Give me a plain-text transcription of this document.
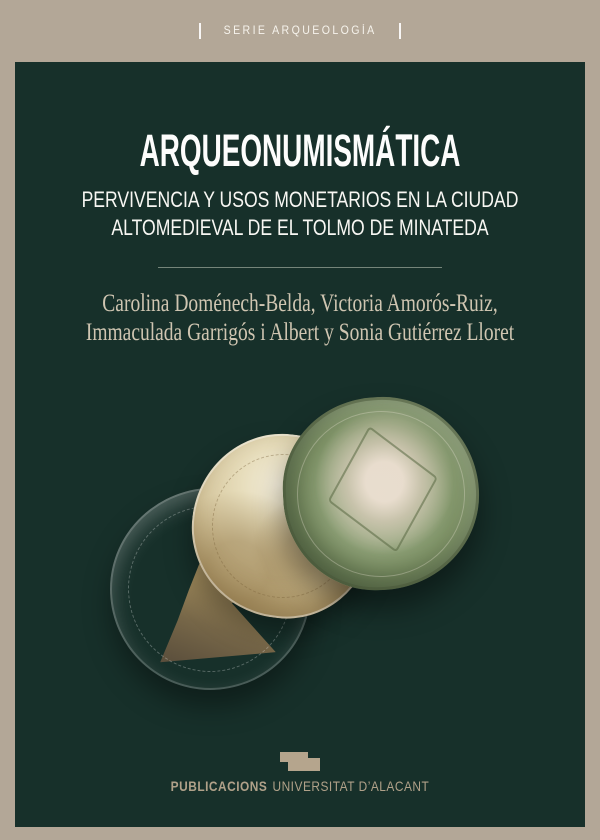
SERIE ARQUEOLOGÍA
ARQUEONUMISMÁTICA
PERVIVENCIA Y USOS MONETARIOS EN LA CIUDAD
ALTOMEDIEVAL DE EL TOLMO DE MINATEDA
Carolina Doménech-Belda, Victoria Amorós-Ruiz,
Immaculada Garrigós i Albert y Sonia Gutiérrez Lloret
PUBLICACIONS UNIVERSITAT D’ALACANT
